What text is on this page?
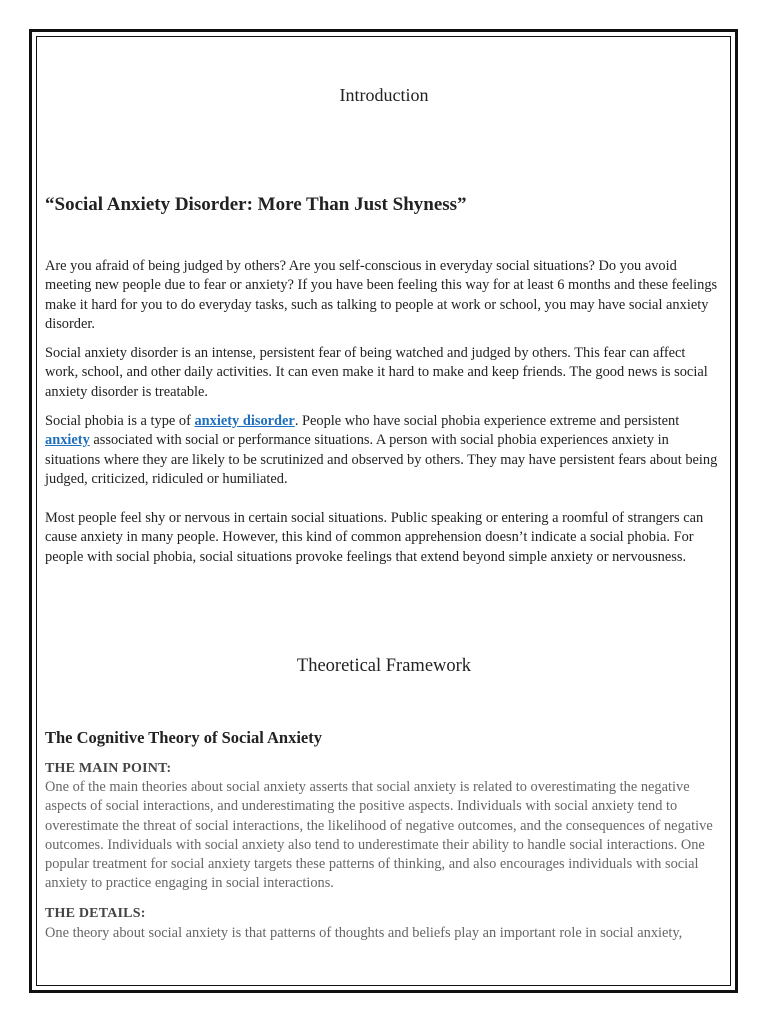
Introduction
“Social Anxiety Disorder: More Than Just Shyness”

Are you afraid of being judged by others? Are you self-conscious in everyday social situations? Do you avoid meeting new people due to fear or anxiety? If you have been feeling this way for at least 6 months and these feelings make it hard for you to do everyday tasks, such as talking to people at work or school, you may have social anxiety disorder.

Social anxiety disorder is an intense, persistent fear of being watched and judged by others. This fear can affect work, school, and other daily activities. It can even make it hard to make and keep friends. The good news is social anxiety disorder is treatable.

Social phobia is a type of anxiety disorder. People who have social phobia experience extreme and persistent anxiety associated with social or performance situations. A person with social phobia experiences anxiety in situations where they are likely to be scrutinized and observed by others. They may have persistent fears about being judged, criticized, ridiculed or humiliated.

Most people feel shy or nervous in certain social situations. Public speaking or entering a roomful of strangers can cause anxiety in many people. However, this kind of common apprehension doesn’t indicate a social phobia. For people with social phobia, social situations provoke feelings that extend beyond simple anxiety or nervousness.

Theoretical Framework
The Cognitive Theory of Social Anxiety
THE MAIN POINT:

One of the main theories about social anxiety asserts that social anxiety is related to overestimating the negative aspects of social interactions, and underestimating the positive aspects. Individuals with social anxiety tend to overestimate the threat of social interactions, the likelihood of negative outcomes, and the consequences of negative outcomes. Individuals with social anxiety also tend to underestimate their ability to handle social interactions. One popular treatment for social anxiety targets these patterns of thinking, and also encourages individuals with social anxiety to practice engaging in social interactions.

THE DETAILS:

One theory about social anxiety is that patterns of thoughts and beliefs play an important role in social anxiety,
